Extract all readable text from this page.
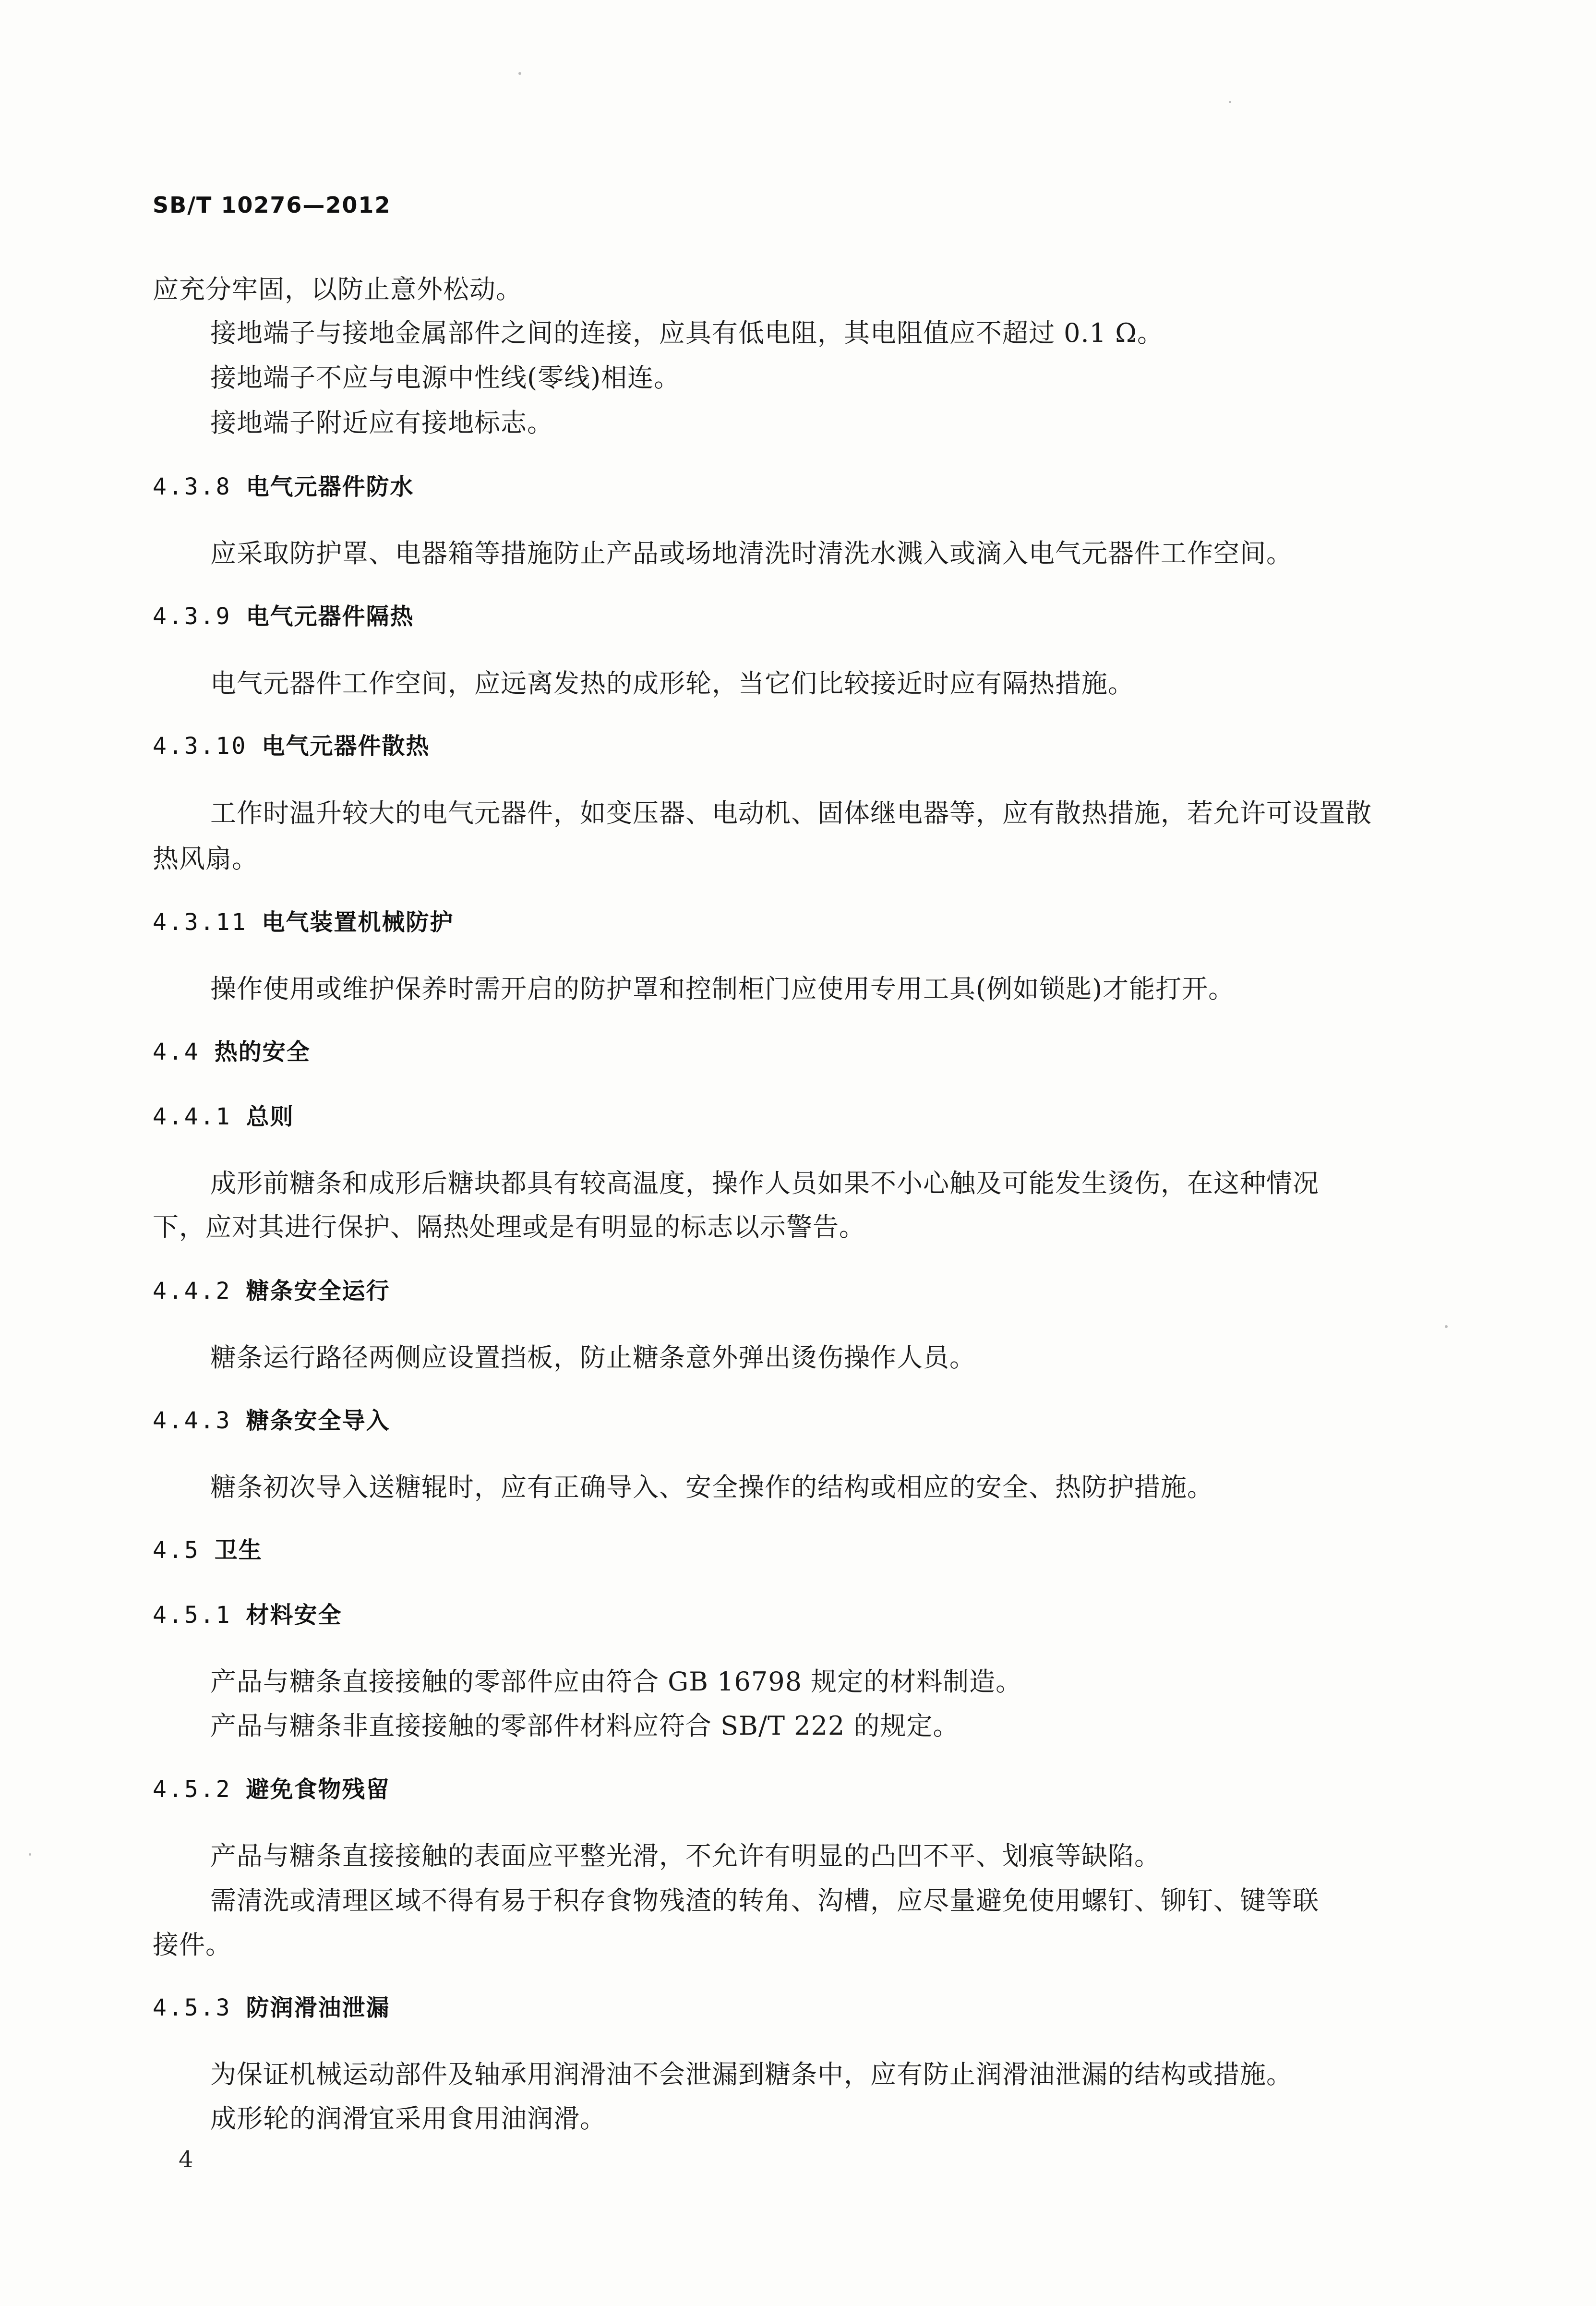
SB/T 10276—2012
应充分牢固，以防止意外松动。
接地端子与接地金属部件之间的连接，应具有低电阻，其电阻值应不超过 0.1 Ω。
接地端子不应与电源中性线(零线)相连。
接地端子附近应有接地标志。
4.3.8 电气元器件防水
应采取防护罩、电器箱等措施防止产品或场地清洗时清洗水溅入或滴入电气元器件工作空间。
4.3.9 电气元器件隔热
电气元器件工作空间，应远离发热的成形轮，当它们比较接近时应有隔热措施。
4.3.10 电气元器件散热
工作时温升较大的电气元器件，如变压器、电动机、固体继电器等，应有散热措施，若允许可设置散
热风扇。
4.3.11 电气装置机械防护
操作使用或维护保养时需开启的防护罩和控制柜门应使用专用工具(例如锁匙)才能打开。
4.4 热的安全
4.4.1 总则
成形前糖条和成形后糖块都具有较高温度，操作人员如果不小心触及可能发生烫伤，在这种情况
下，应对其进行保护、隔热处理或是有明显的标志以示警告。
4.4.2 糖条安全运行
糖条运行路径两侧应设置挡板，防止糖条意外弹出烫伤操作人员。
4.4.3 糖条安全导入
糖条初次导入送糖辊时，应有正确导入、安全操作的结构或相应的安全、热防护措施。
4.5 卫生
4.5.1 材料安全
产品与糖条直接接触的零部件应由符合 GB 16798 规定的材料制造。
产品与糖条非直接接触的零部件材料应符合 SB/T 222 的规定。
4.5.2 避免食物残留
产品与糖条直接接触的表面应平整光滑，不允许有明显的凸凹不平、划痕等缺陷。
需清洗或清理区域不得有易于积存食物残渣的转角、沟槽，应尽量避免使用螺钉、铆钉、键等联
接件。
4.5.3 防润滑油泄漏
为保证机械运动部件及轴承用润滑油不会泄漏到糖条中，应有防止润滑油泄漏的结构或措施。
成形轮的润滑宜采用食用油润滑。
4
